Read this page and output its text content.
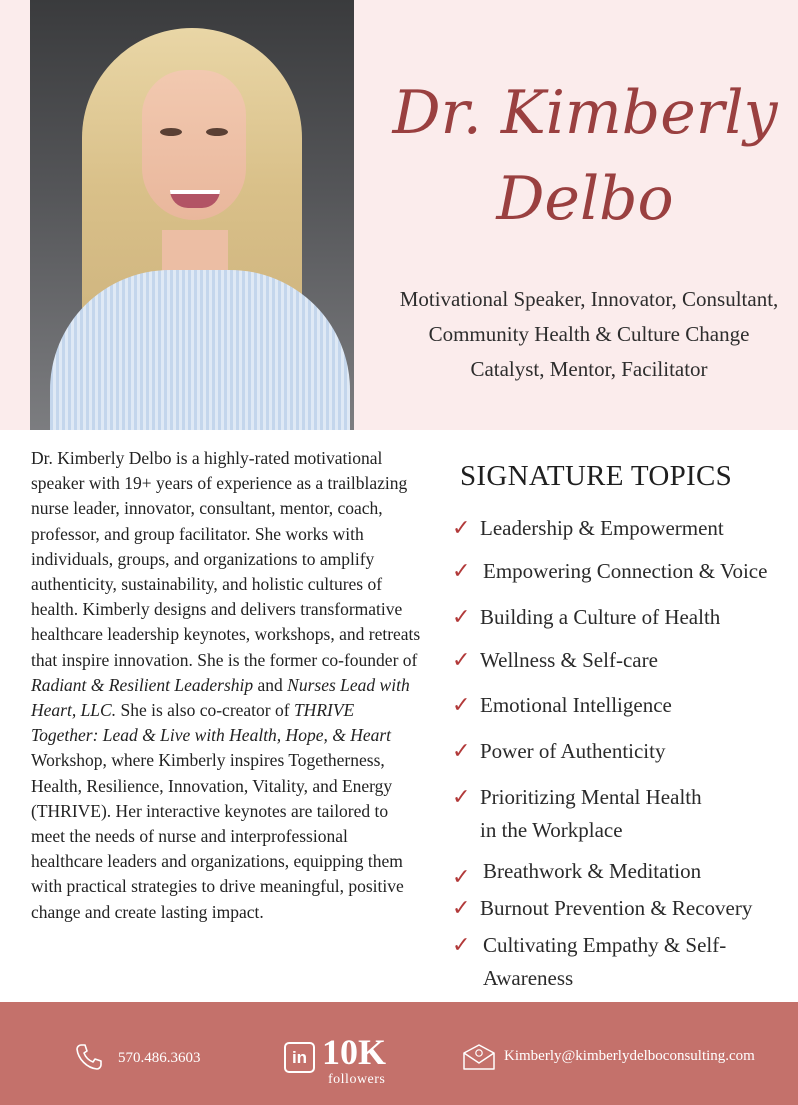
Dr. Kimberly
Delbo
Motivational Speaker, Innovator, Consultant,
Community Health & Culture Change
Catalyst, Mentor, Facilitator
Dr. Kimberly Delbo is a highly-rated motivational speaker with 19+ years of experience as a trailblazing nurse leader, innovator, consultant, mentor, coach, professor, and group facilitator. She works with individuals, groups, and organizations to amplify authenticity, sustainability, and holistic cultures of health. Kimberly designs and delivers transformative healthcare leadership keynotes, workshops, and retreats that inspire innovation. She is the former co-founder of Radiant & Resilient Leadership and Nurses Lead with Heart, LLC. She is also co-creator of THRIVE Together: Lead & Live with Health, Hope, & Heart Workshop, where Kimberly inspires Togetherness, Health, Resilience, Innovation, Vitality, and Energy (THRIVE). Her interactive keynotes are tailored to meet the needs of nurse and interprofessional healthcare leaders and organizations, equipping them with practical strategies to drive meaningful, positive change and create lasting impact.
SIGNATURE TOPICS
✓ Leadership & Empowerment
✓ Empowering Connection & Voice
✓ Building a Culture of Health
✓ Wellness & Self-care
✓ Emotional Intelligence
✓ Power of Authenticity
✓ Prioritizing Mental Health
in the Workplace
✓ Breathwork & Meditation
✓ Burnout Prevention & Recovery
✓ Cultivating Empathy & Self-
Awareness
570.486.3603	in 10K
followers
Kimberly@kimberlydelboconsulting.com
